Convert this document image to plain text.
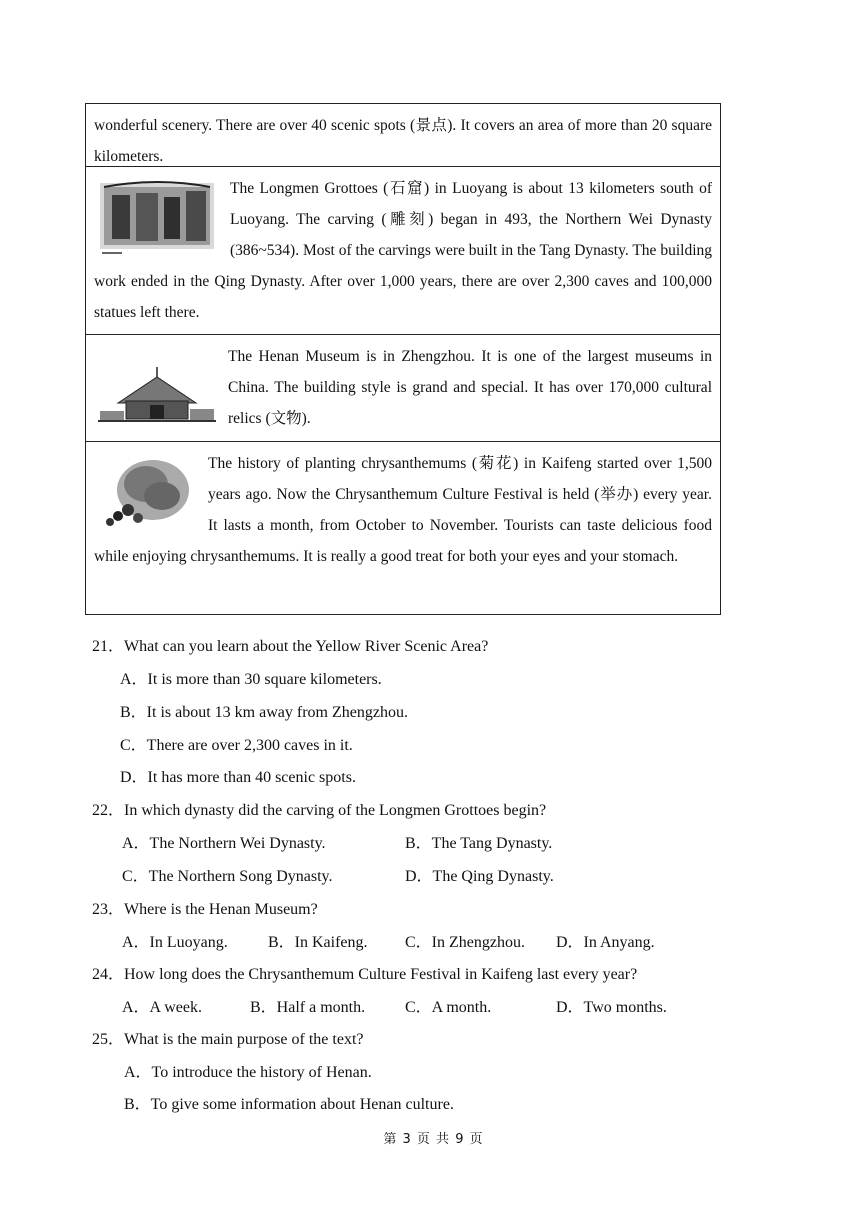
wonderful scenery. There are over 40 scenic spots (景点). It covers an area of more than 20 square kilometers.
The Longmen Grottoes (石窟) in Luoyang is about 13 kilometers south of Luoyang. The carving (雕刻) began in 493, the Northern Wei Dynasty (386~534). Most of the carvings were built in the Tang Dynasty. The building work ended in the Qing Dynasty. After over 1,000 years, there are over 2,300 caves and 100,000 statues left there.
The Henan Museum is in Zhengzhou. It is one of the largest museums in China. The building style is grand and special. It has over 170,000 cultural relics (文物).
The history of planting chrysanthemums (菊花) in Kaifeng started over 1,500 years ago. Now the Chrysanthemum Culture Festival is held (举办) every year. It lasts a month, from October to November. Tourists can taste delicious food while enjoying chrysanthemums. It is really a good treat for both your eyes and your stomach.
21．What can you learn about the Yellow River Scenic Area?
A．It is more than 30 square kilometers.
B．It is about 13 km away from Zhengzhou.
C．There are over 2,300 caves in it.
D．It has more than 40 scenic spots.
22．In which dynasty did the carving of the Longmen Grottoes begin?
A．The Northern Wei Dynasty.	B．The Tang Dynasty.
C．The Northern Song Dynasty.	D．The Qing Dynasty.
23．Where is the Henan Museum?
A．In Luoyang.	B．In Kaifeng. C．In Zhengzhou. D．In Anyang.
24．How long does the Chrysanthemum Culture Festival in Kaifeng last every year?
A．A week.	B．Half a month. C．A month.	D．Two months.
25．What is the main purpose of the text?
A．To introduce the history of Henan.
B．To give some information about Henan culture.
第 3 页 共 9 页
